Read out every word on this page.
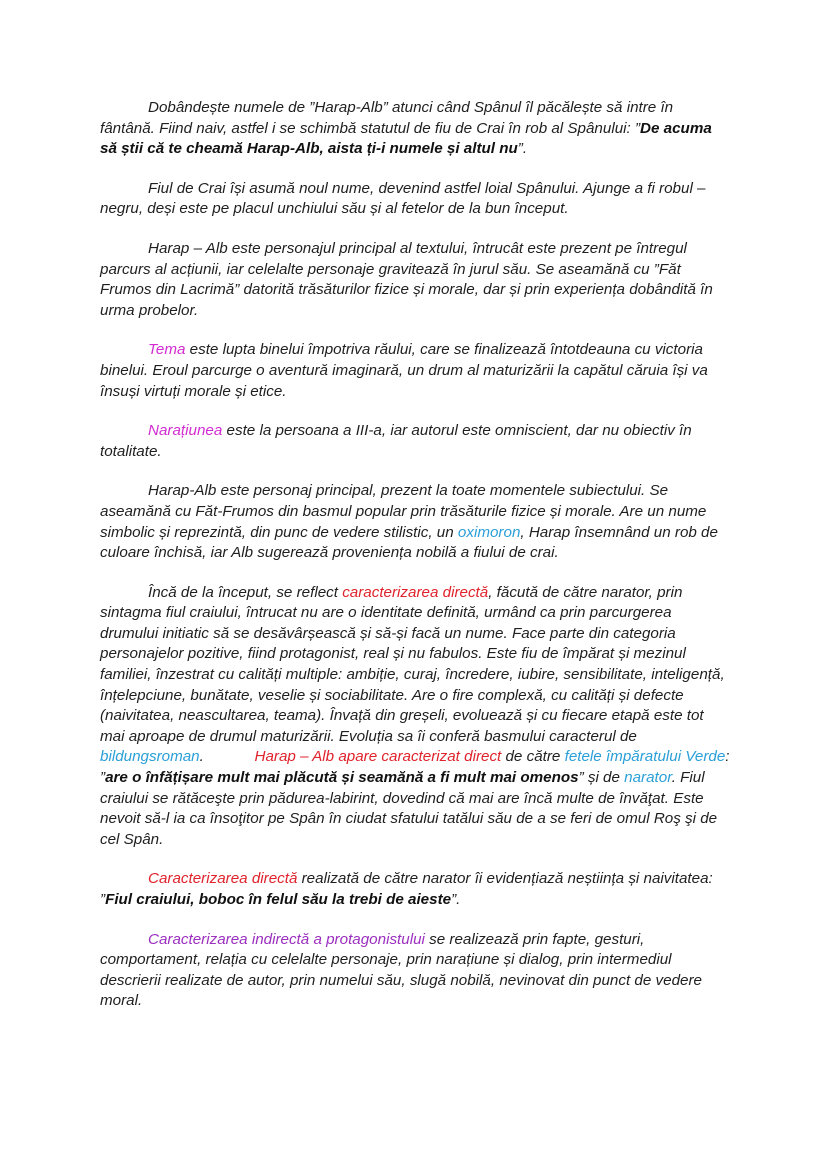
Dobândește numele de ”Harap-Alb” atunci când Spânul îl păcălește să intre în fântână. Fiind naiv, astfel i se schimbă statutul de fiu de Crai în rob al Spânului: ”De acuma să știi că te cheamă Harap-Alb, aista ți-i numele și altul nu”.

Fiul de Crai își asumă noul nume, devenind astfel loial Spânului. Ajunge a fi robul – negru, deși este pe placul unchiului său și al fetelor de la bun început.

Harap – Alb este personajul principal al textului, întrucât este prezent pe întregul parcurs al acțiunii, iar celelalte personaje gravitează în jurul său. Se aseamănă cu ”Făt Frumos din Lacrimă” datorită trăsăturilor fizice și morale, dar și prin experiența dobândită în urma probelor.

Tema este lupta binelui împotriva răului, care se finalizează întotdeauna cu victoria binelui. Eroul parcurge o aventură imaginară, un drum al maturizării la capătul căruia își va însuși virtuți morale și etice.

Narațiunea este la persoana a III-a, iar autorul este omniscient, dar nu obiectiv în totalitate.

Harap-Alb este personaj principal, prezent la toate momentele subiectului. Se aseamănă cu Făt-Frumos din basmul popular prin trăsăturile fizice și morale. Are un nume simbolic și reprezintă, din punc de vedere stilistic, un oximoron, Harap însemnând un rob de culoare închisă, iar Alb sugerează proveniența nobilă a fiului de crai.

Încă de la început, se reflect caracterizarea directă, făcută de către narator, prin sintagma fiul craiului, întrucat nu are o identitate definită, urmând ca prin parcurgerea drumului initiatic să se desăvârșească și să-și facă un nume. Face parte din categoria personajelor pozitive, fiind protagonist, real și nu fabulos. Este fiu de împărat și mezinul familiei, înzestrat cu calități multiple: ambiție, curaj, încredere, iubire, sensibilitate, inteligență, înțelepciune, bunătate, veselie și sociabilitate. Are o fire complexă, cu calități și defecte (naivitatea, neascultarea, teama). Învață din greșeli, evoluează și cu fiecare etapă este tot mai aproape de drumul maturizării. Evoluția sa îi conferă basmului caracterul de bildungsroman.            Harap – Alb apare caracterizat direct de către fetele împăratului Verde: ”are o înfățișare mult mai plăcută și seamănă a fi mult mai omenos” și de narator. Fiul craiului se rătăceşte prin pădurea-labirint, dovedind că mai are încă multe de învăţat. Este nevoit să-l ia ca însoţitor pe Spân în ciudat sfatului tatălui său de a se feri de omul Roş şi de cel Spân.

Caracterizarea directă realizată de către narator îi evidențiază neștiința și naivitatea: ”Fiul craiului, boboc în felul său la trebi de aieste”.

Caracterizarea indirectă a protagonistului se realizează prin fapte, gesturi, comportament, relația cu celelalte personaje, prin narațiune și dialog, prin intermediul descrierii realizate de autor, prin numelui său, slugă nobilă, nevinovat din punct de vedere moral.
